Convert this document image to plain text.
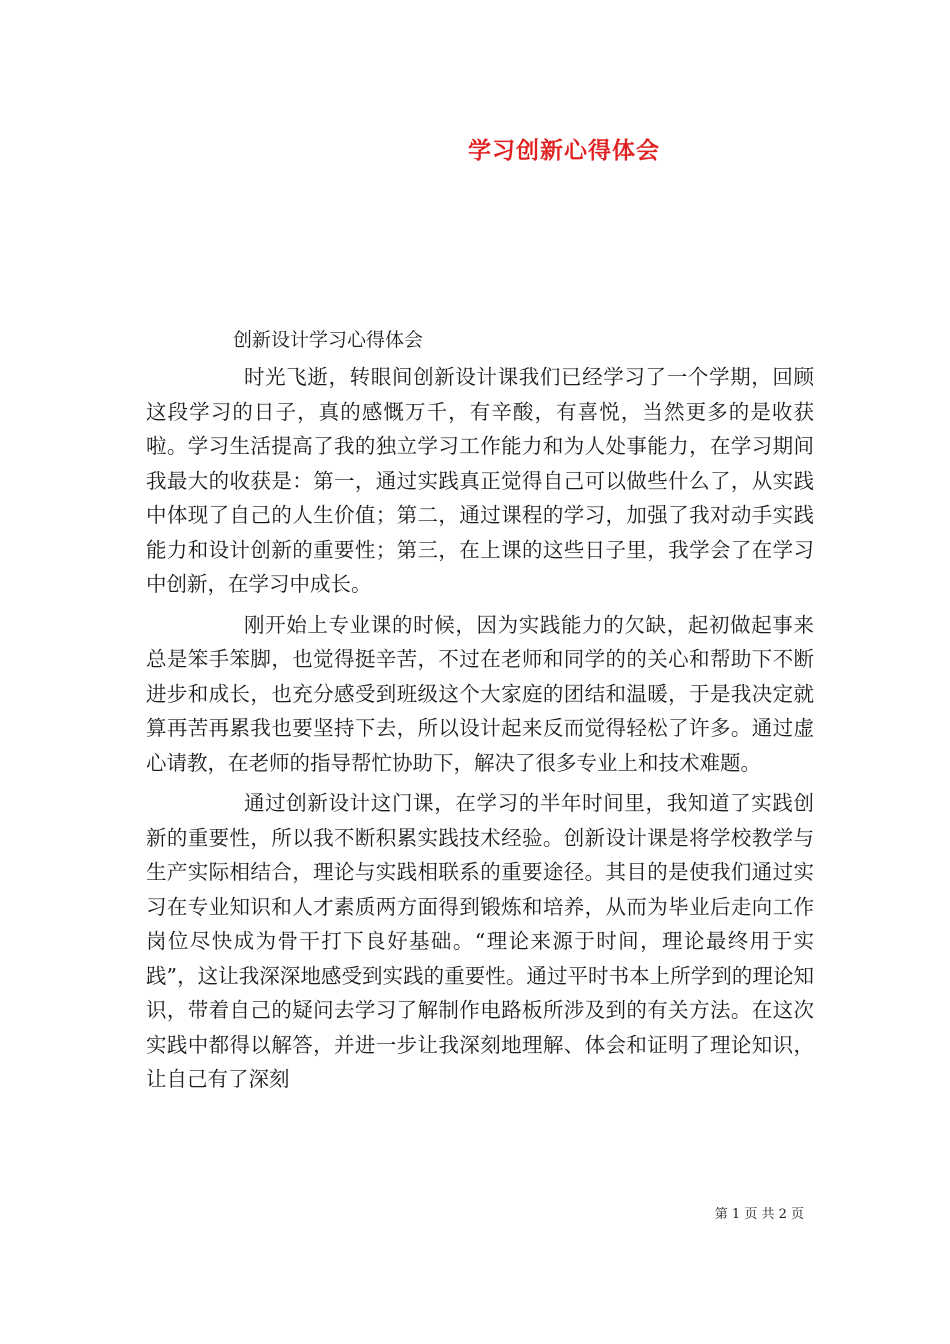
学习创新心得体会
创新设计学习心得体会

时光飞逝，转眼间创新设计课我们已经学习了一个学期，回顾这段学习的日子，真的感慨万千，有辛酸，有喜悦，当然更多的是收获啦。学习生活提高了我的独立学习工作能力和为人处事能力，在学习期间我最大的收获是：第一，通过实践真正觉得自己可以做些什么了，从实践中体现了自己的人生价值；第二，通过课程的学习，加强了我对动手实践能力和设计创新的重要性；第三，在上课的这些日子里，我学会了在学习中创新，在学习中成长。

刚开始上专业课的时候，因为实践能力的欠缺，起初做起事来总是笨手笨脚，也觉得挺辛苦，不过在老师和同学的的关心和帮助下不断进步和成长，也充分感受到班级这个大家庭的团结和温暖，于是我决定就算再苦再累我也要坚持下去，所以设计起来反而觉得轻松了许多。通过虚心请教，在老师的指导帮忙协助下，解决了很多专业上和技术难题。

通过创新设计这门课，在学习的半年时间里，我知道了实践创新的重要性，所以我不断积累实践技术经验。创新设计课是将学校教学与生产实际相结合，理论与实践相联系的重要途径。其目的是使我们通过实习在专业知识和人才素质两方面得到锻炼和培养，从而为毕业后走向工作岗位尽快成为骨干打下良好基础。“理论来源于时间，理论最终用于实践”，这让我深深地感受到实践的重要性。通过平时书本上所学到的理论知识，带着自己的疑问去学习了解制作电路板所涉及到的有关方法。在这次实践中都得以解答，并进一步让我深刻地理解、体会和证明了理论知识，让自己有了深刻

第 1 页 共 2 页
